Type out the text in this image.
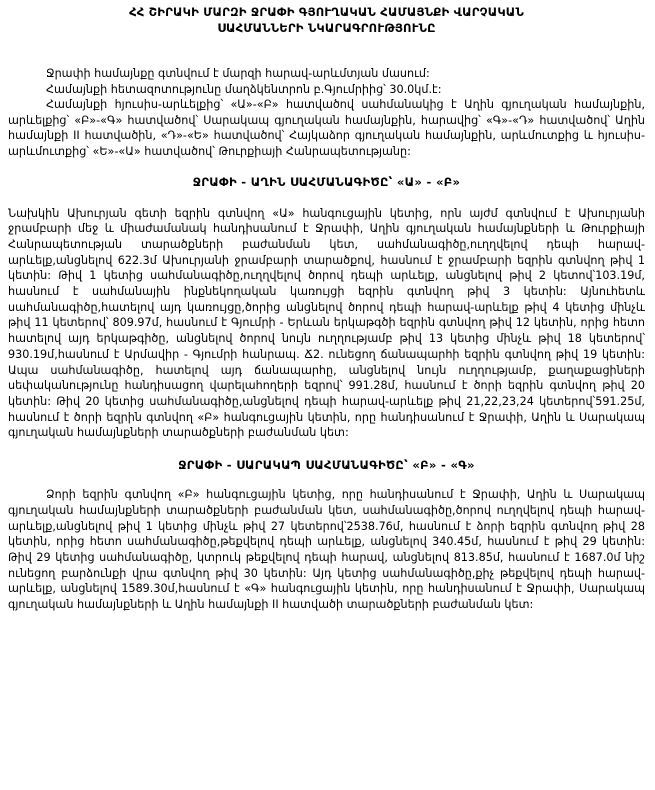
ՀՀ ՇԻՐԱԿԻ ՄԱՐԶԻ ՋՐԱՓԻ ԳՅՈՒՂԱԿԱՆ ՀԱՄԱՅՆՔԻ ՎԱՐՉԱԿԱՆ
ՍԱՀՄԱՆՆԵՐԻ ՆԿԱՐԱԳՐՈՒԹՅՈՒՆԸ

Ջրափի համայնքը գտնվում է մարզի հարավ-արևմտյան մասում:

Համայնքի հետազոտությունը մաղձկենտրոն բ.Գյումրիից՝ 30.0կմ.է:

Համայնքի հյուսիս-արևելքից՝ «Ա»-«Բ» հատվածով սահմանակից է Աղին գյուղական համայնքին, արևելքից՝ «Բ»-«Գ» հատվածով՝ Սարակապ գյուղական համայնքին, հարավից՝ «Գ»-«Դ» հատվածով՝ Աղին համայնքի II հատվածին, «Դ»-«Ե» հատվածով՝ Հայկաձոր գյուղական համայնքին, արևմուտքից և հյուսիս-արևմուտքից՝ «Ե»-«Ա» հատվածով՝ Թուրքիայի Հանրապետությանը:

ՋՐԱՓԻ - ԱՂԻՆ ՍԱՀՄԱՆԱԳԻԾԸ՝ «Ա» - «Բ»

Նախկին Ախուրյան գետի եզրին գտնվող «Ա» հանգուցային կետից, որն այժմ գտնվում է Ախուրյանի ջրամբարի մեջ և միաժամանակ հանդիսանում է Ջրափի, Աղին գյուղական համայնքների և Թուրքիայի Հանրապետության տարածքների բաժանման կետ, սահմանագիծը,ուղղվելով դեպի հարավ-արևելք,անցնելով 622.3մ Ախուրյանի ջրամբարի տարածքով, հասնում է ջրամբարի եզրին գտնվող թիվ 1 կետին: Թիվ 1 կետից սահմանագիծը,ուղղվելով ծորով դեպի արևելք, անցնելով թիվ 2 կետով՝103.19մ, հասնում է սահմանային ինքնեկողական կառույցի եզրին գտնվող թիվ 3 կետին: Այնուհետև սահմանագիծը,հատելով այդ կառույցը,ծորից անցնելով ծորով դեպի հարավ-արևելք թիվ 4 կետից մինչև թիվ 11 կետերով՝ 809.97մ, հասնում է Գյումրի - Երևան երկաթգծի եզրին գտնվող թիվ 12 կետին, որից հետո հատելով այդ երկաթգիծը, անցնելով ծորով նույն ուղղությամբ թիվ 13 կետից մինչև թիվ 18 կետերով՝ 930.19մ,հասնում է Արմավիր - Գյումրի հանրապ. Ճ2. ունեցող ճանապարհի եզրին գտնվող թիվ 19 կետին: Ապա սահմանագիծը, հատելով այդ ճանապարհը, անցնելով նույն ուղղությամբ, քաղաքացիների սեփականությունը հանդիսացող վարելահողերի եզրով՝ 991.28մ, հասնում է ծորի եզրին գտնվող թիվ 20 կետին: Թիվ 20 կետից սահմանագիծը,անցնելով դեպի հարավ-արևելք թիվ 21,22,23,24 կետերով՝591.25մ, հասնում է ծորի եզրին գտնվող «Բ» հանգուցային կետին, որը հանդիսանում է Ջրափի, Աղին և Սարակապ գյուղական համայնքների տարածքների բաժանման կետ:

ՋՐԱՓԻ - ՍԱՐԱԿԱՊ ՍԱՀՄԱՆԱԳԻԾԸ՝ «Բ» - «Գ»

Ձորի եզրին գտնվող «Բ» հանգուցային կետից, որը հանդիսանում է Ջրափի, Աղին և Սարակապ գյուղական համայնքների տարածքների բաժանման կետ, սահմանագիծը,ծորով ուղղվելով դեպի հարավ-արևելք,անցնելով թիվ 1 կետից մինչև թիվ 27 կետերով՝2538.76մ, հասնում է ձորի եզրին գտնվող թիվ 28 կետին, որից հետո սահմանագիծը,թեքվելով դեպի արևելք, անցնելով 340.45մ, հասնում է թիվ 29 կետին: Թիվ 29 կետից սահմանագիծը, կտրուկ թեքվելով դեպի հարավ, անցնելով 813.85մ, հասնում է 1687.0մ նիշ ունեցող բարձունքի վրա գտնվող թիվ 30 կետին: Այդ կետից սահմանագիծը,քիչ թեքվելով դեպի հարավ-արևելք, անցնելով 1589.30մ,հասնում է «Գ» հանգուցային կետին, որը հանդիսանում է Ջրափի, Սարակապ գյուղական համայնքների և Աղին համայնքի II հատվածի տարածքների բաժանման կետ:
